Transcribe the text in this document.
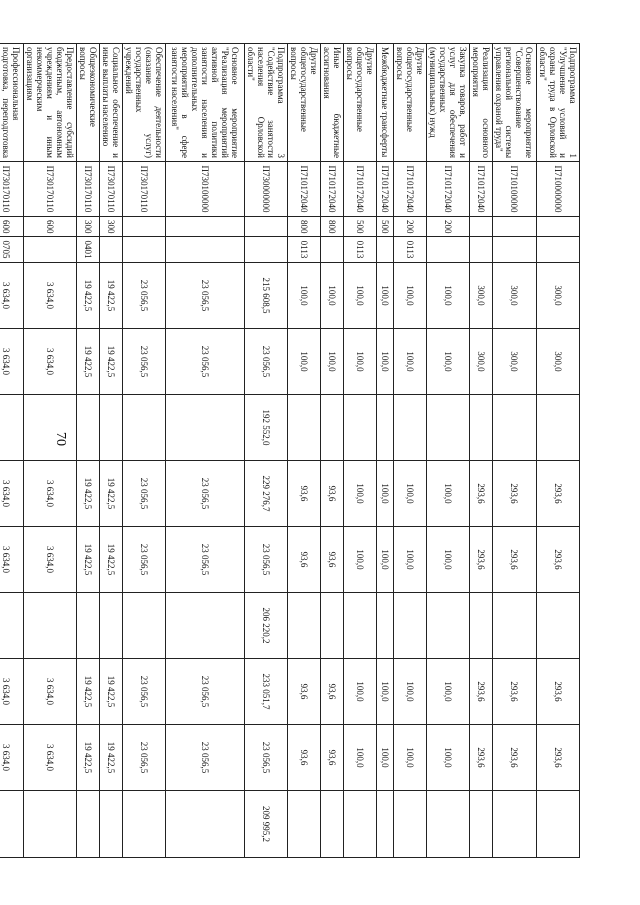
70
Подпрограмма 1 "Улучшение условий и охраны труда в Орловской области"	П710000000			300,0	300,0		293,6	293,6		293,6	293,6	
Основное мероприятие "Совершенствование региональной системы управления охраной труда"	П710100000			300,0	300,0		293,6	293,6		293,6	293,6	
Реализация основного мероприятия	П710172040			300,0	300,0		293,6	293,6		293,6	293,6	
Закупка товаров, работ и услуг для обеспечения государственных (муниципальных) нужд	П710172040	200		100,0	100,0		100,0	100,0		100,0	100,0	
Другие общегосударственные вопросы	П710172040	200	0113	100,0	100,0		100,0	100,0		100,0	100,0	
Межбюджетные трансферты	П710172040	500		100,0	100,0		100,0	100,0		100,0	100,0	
Другие общегосударственные вопросы	П710172040	500	0113	100,0	100,0		100,0	100,0		100,0	100,0	
Иные бюджетные ассигнования	П710172040	800		100,0	100,0		93,6	93,6		93,6	93,6	
Другие общегосударственные вопросы	П710172040	800	0113	100,0	100,0		93,6	93,6		93,6	93,6	
Подпрограмма 3 "Содействие занятости населения Орловской области"	П730000000			215 608,5	23 056,5	192 552,0	229 276,7	23 056,5	206 220,2	233 051,7	23 056,5	209 995,2
Основное мероприятие "Реализация мероприятий активной политики занятости населения и дополнительных мероприятий в сфере занятости населения"	П730100000			23 056,5	23 056,5		23 056,5	23 056,5		23 056,5	23 056,5	
Обеспечение деятельности (оказание услуг) государственных учреждений	П730170110			23 056,5	23 056,5		23 056,5	23 056,5		23 056,5	23 056,5	
Социальное обеспечение и иные выплаты населению	П730170110	300		19 422,5	19 422,5		19 422,5	19 422,5		19 422,5	19 422,5	
Общеэкономические вопросы	П730170110	300	0401	19 422,5	19 422,5		19 422,5	19 422,5		19 422,5	19 422,5	
Предоставление субсидий бюджетным, автономным учреждениям и иным некоммерческим организациям	П730170110	600		3 634,0	3 634,0		3 634,0	3 634,0		3 634,0	3 634,0	
Профессиональная подготовка, переподготовка	П730170110	600	0705	3 634,0	3 634,0		3 634,0	3 634,0		3 634,0	3 634,0	
